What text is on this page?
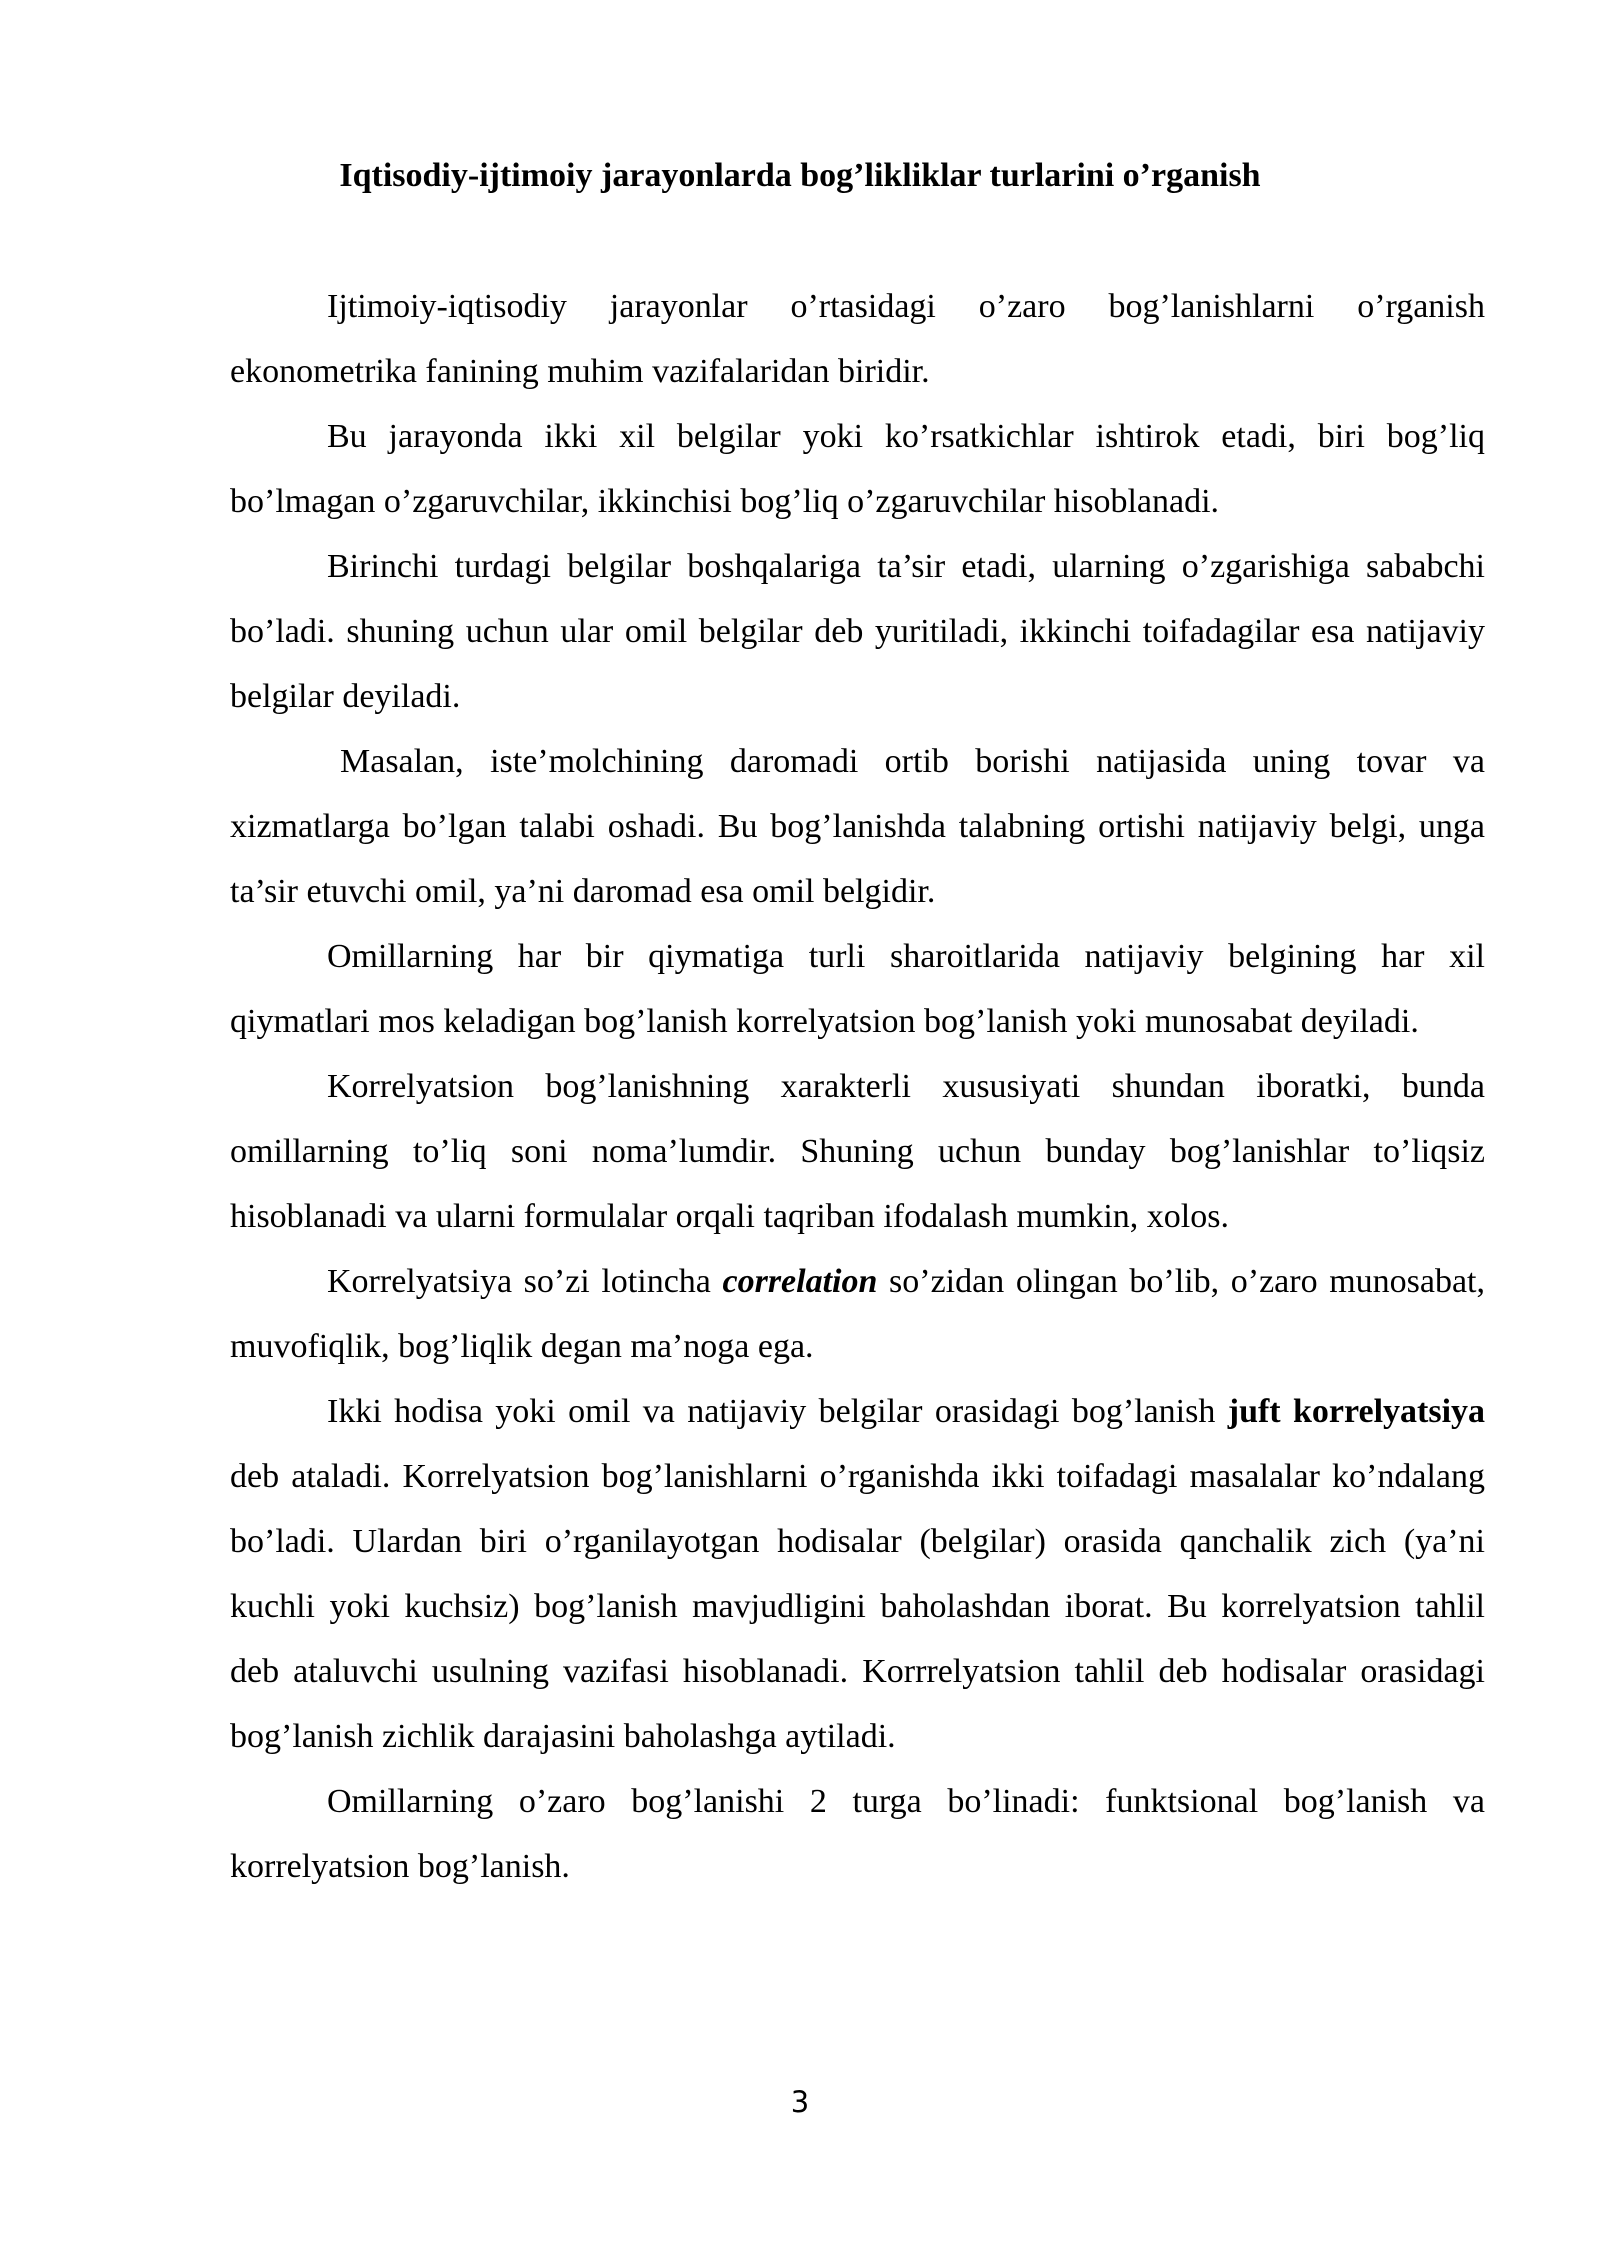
Iqtisodiy-ijtimoiy jarayonlarda bog’likliklar turlarini o’rganish

Ijtimoiy-iqtisodiy jarayonlar o’rtasidagi o’zaro bog’lanishlarni o’rganish ekonometrika fanining muhim vazifalaridan biridir.

Bu jarayonda ikki xil belgilar yoki ko’rsatkichlar ishtirok etadi, biri bog’liq bo’lmagan o’zgaruvchilar, ikkinchisi bog’liq o’zgaruvchilar hisoblanadi.

Birinchi turdagi belgilar boshqalariga ta’sir etadi, ularning o’zgarishiga sababchi bo’ladi. shuning uchun ular omil belgilar deb yuritiladi, ikkinchi toifadagilar esa natijaviy belgilar deyiladi.

Masalan, iste’molchining daromadi ortib borishi natijasida uning tovar va xizmatlarga bo’lgan talabi oshadi. Bu bog’lanishda talabning ortishi natijaviy belgi, unga ta’sir etuvchi omil, ya’ni daromad esa omil belgidir.

Omillarning har bir qiymatiga turli sharoitlarida natijaviy belgining har xil qiymatlari mos keladigan bog’lanish korrelyatsion bog’lanish yoki munosabat deyiladi.

Korrelyatsion bog’lanishning xarakterli xususiyati shundan iboratki, bunda omillarning to’liq soni noma’lumdir. Shuning uchun bunday bog’lanishlar to’liqsiz hisoblanadi va ularni formulalar orqali taqriban ifodalash mumkin, xolos.

Korrelyatsiya so’zi lotincha correlation so’zidan olingan bo’lib, o’zaro munosabat, muvofiqlik, bog’liqlik degan ma’noga ega.

Ikki hodisa yoki omil va natijaviy belgilar orasidagi bog’lanish juft korrelyatsiya deb ataladi. Korrelyatsion bog’lanishlarni o’rganishda ikki toifadagi masalalar ko’ndalang bo’ladi. Ulardan biri o’rganilayotgan hodisalar (belgilar) orasida qanchalik zich (ya’ni kuchli yoki kuchsiz) bog’lanish mavjudligini baholashdan iborat. Bu korrelyatsion tahlil deb ataluvchi usulning vazifasi hisoblanadi. Korrrelyatsion tahlil deb hodisalar orasidagi bog’lanish zichlik darajasini baholashga aytiladi.

Omillarning o’zaro bog’lanishi 2 turga bo’linadi: funktsional bog’lanish va korrelyatsion bog’lanish.

3
